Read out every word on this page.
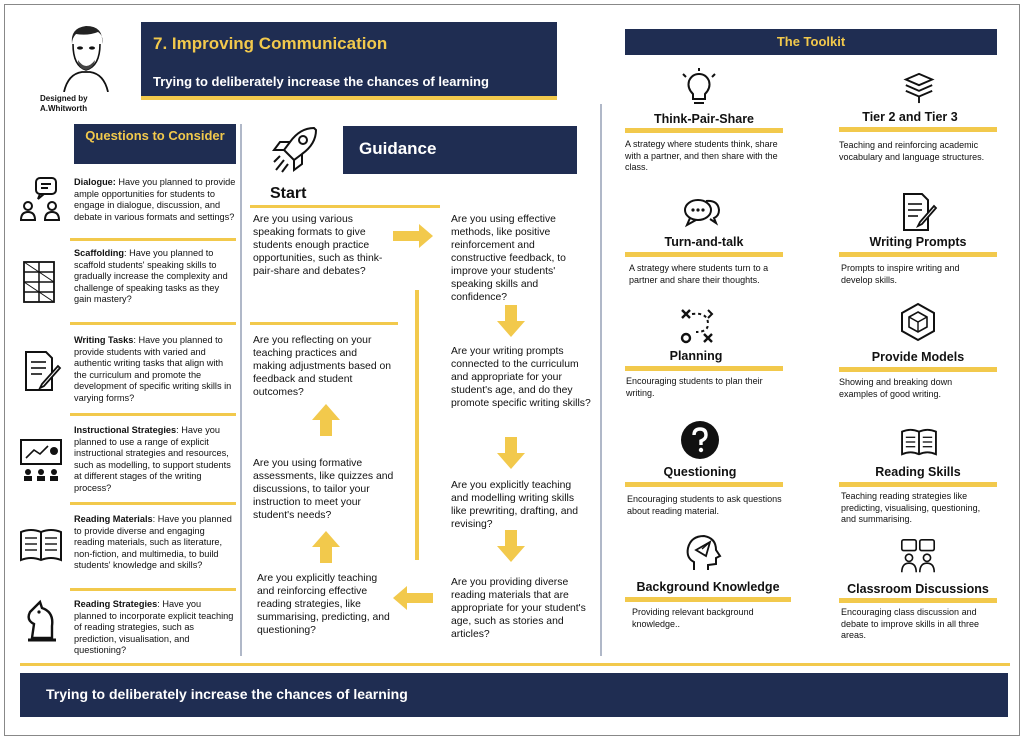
Designed by A.Whitworth
7. Improving Communication
Trying to deliberately increase the chances of learning
The Toolkit
Questions to Consider
Dialogue: Have you planned to provide ample opportunities for students to engage in dialogue, discussion, and debate in various formats and settings?
Scaffolding: Have you planned to scaffold students' speaking skills to gradually increase the complexity and challenge of speaking tasks as they gain mastery?
Writing Tasks: Have you planned to provide students with varied and authentic writing tasks that align with the curriculum and promote the development of specific writing skills in varying forms?
Instructional Strategies: Have you planned to use a range of explicit instructional strategies and resources, such as modelling, to support students at different stages of the writing process?
Reading Materials: Have you planned to provide diverse and engaging reading materials, such as literature, non-fiction, and multimedia, to build students' knowledge and skills?
Reading Strategies: Have you planned to incorporate explicit teaching of reading strategies, such as prediction, visualisation, and questioning?
Guidance
Start
Are you using various speaking formats to give students enough practice opportunities, such as think-pair-share and debates?
Are you using effective methods, like positive reinforcement and constructive feedback, to improve your students' speaking skills and confidence?
Are your writing prompts connected to the curriculum and appropriate for your student's age, and do they promote specific writing skills?
Are you explicitly teaching and modelling writing skills like prewriting, drafting, and revising?
Are you providing diverse reading materials that are appropriate for your student's age, such as stories and articles?
Are you explicitly teaching and reinforcing effective reading strategies, like summarising, predicting, and questioning?
Are you using formative assessments, like quizzes and discussions, to tailor your instruction to meet your student's needs?
Are you reflecting on your teaching practices and making adjustments based on feedback and student outcomes?
Think-Pair-Share
A strategy where students think, share with a partner, and then share with the class.
Turn-and-talk
A strategy where students turn to a partner and share their thoughts.
Planning
Encouraging students to plan their writing.
Questioning
Encouraging students to ask questions about reading material.
Background Knowledge
Providing relevant background knowledge..
Tier 2 and Tier 3
Teaching and reinforcing academic vocabulary and language structures.
Writing Prompts
Prompts to inspire writing and develop skills.
Provide Models
Showing and breaking down examples of good writing.
Reading Skills
Teaching reading strategies like predicting, visualising, questioning, and summarising.
Classroom Discussions
Encouraging class discussion and debate to improve skills in all three areas.
Trying to deliberately increase the chances of learning
